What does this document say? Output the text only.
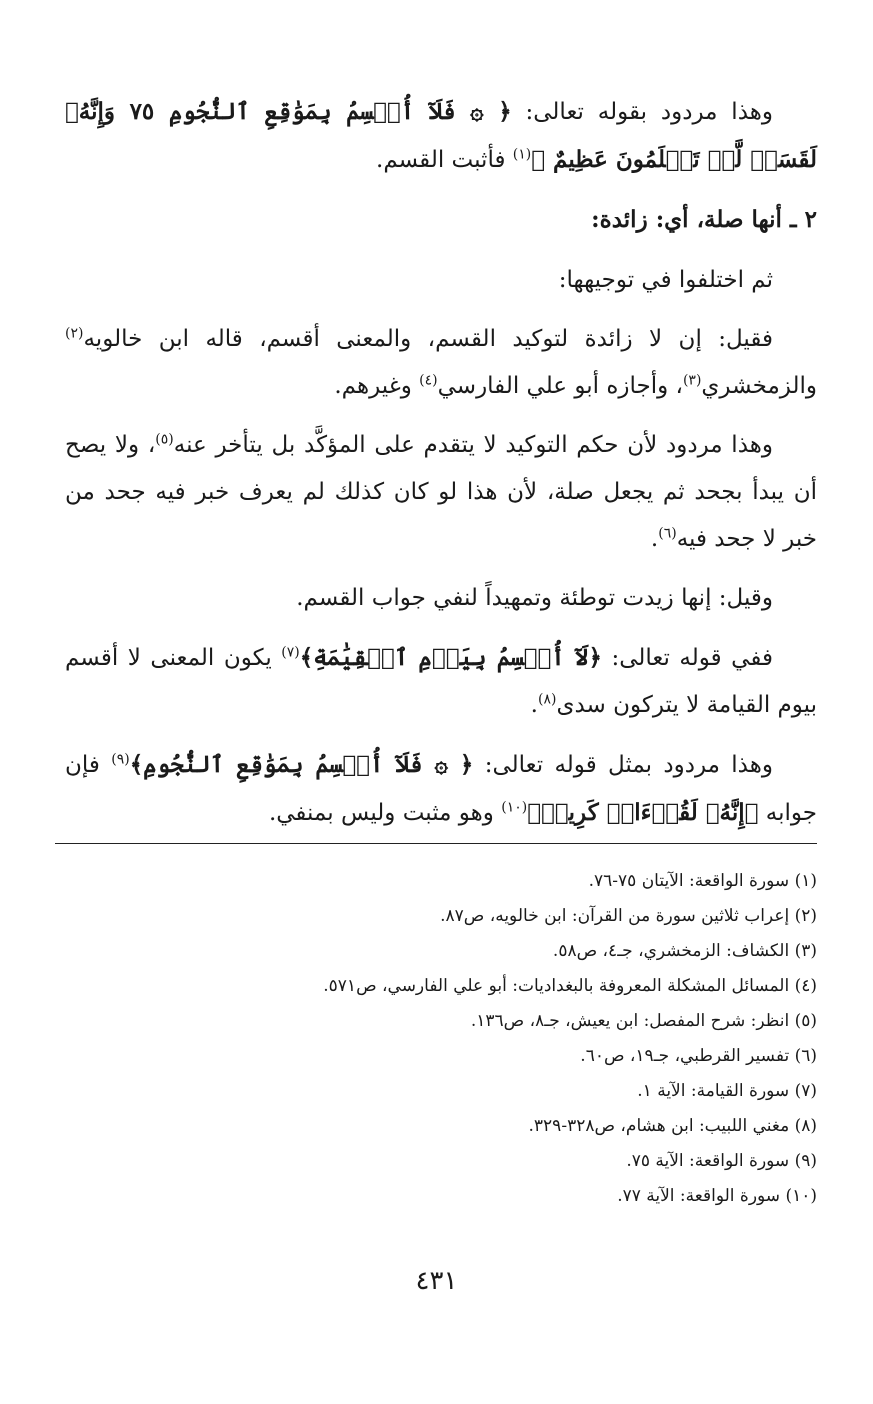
وهذا مردود بقوله تعالى: ﴿ ۞ فَلَآ أُقۡسِمُ بِمَوَٰقِعِ ٱلنُّجُومِ ٧٥ وَإِنَّهُۥ لَقَسَمٞ لَّوۡ تَعۡلَمُونَ عَظِيمٌ ﴾$^{(١)}$ فأثبت القسم.

٢ ـ أنها صلة، أي: زائدة:

ثم اختلفوا في توجيهها:

فقيل: إن لا زائدة لتوكيد القسم، والمعنى أقسم، قاله ابن خالويه$^{(٢)}$ والزمخشري$^{(٣)}$، وأجازه أبو علي الفارسي$^{(٤)}$ وغيرهم.

وهذا مردود لأن حكم التوكيد لا يتقدم على المؤكَّد بل يتأخر عنه$^{(٥)}$، ولا يصح أن يبدأ بجحد ثم يجعل صلة، لأن هذا لو كان كذلك لم يعرف خبر فيه جحد من خبر لا جحد فيه$^{(٦)}$.

وقيل: إنها زيدت توطئة وتمهيداً لنفي جواب القسم.

ففي قوله تعالى: ﴿لَآ أُقۡسِمُ بِيَوۡمِ ٱلۡقِيَٰمَةِ﴾$^{(٧)}$ يكون المعنى لا أقسم بيوم القيامة لا يتركون سدى$^{(٨)}$.

وهذا مردود بمثل قوله تعالى: ﴿ ۞ فَلَآ أُقۡسِمُ بِمَوَٰقِعِ ٱلنُّجُومِ﴾$^{(٩)}$ فإن جوابه ﴿إِنَّهُۥ لَقُرۡءَانٞ كَرِيمٞ﴾$^{(١٠)}$ وهو مثبت وليس بمنفي.

(١) سورة الواقعة: الآيتان ٧٥-٧٦.
(٢) إعراب ثلاثين سورة من القرآن: ابن خالويه، ص٨٧.
(٣) الكشاف: الزمخشري، جـ٤، ص٥٨.
(٤) المسائل المشكلة المعروفة بالبغداديات: أبو علي الفارسي، ص٥٧١.
(٥) انظر: شرح المفصل: ابن يعيش، جـ٨، ص١٣٦.
(٦) تفسير القرطبي، جـ١٩، ص٦٠.
(٧) سورة القيامة: الآية ١.
(٨) مغني اللبيب: ابن هشام، ص٣٢٨-٣٢٩.
(٩) سورة الواقعة: الآية ٧٥.
(١٠) سورة الواقعة: الآية ٧٧.
٤٣١
